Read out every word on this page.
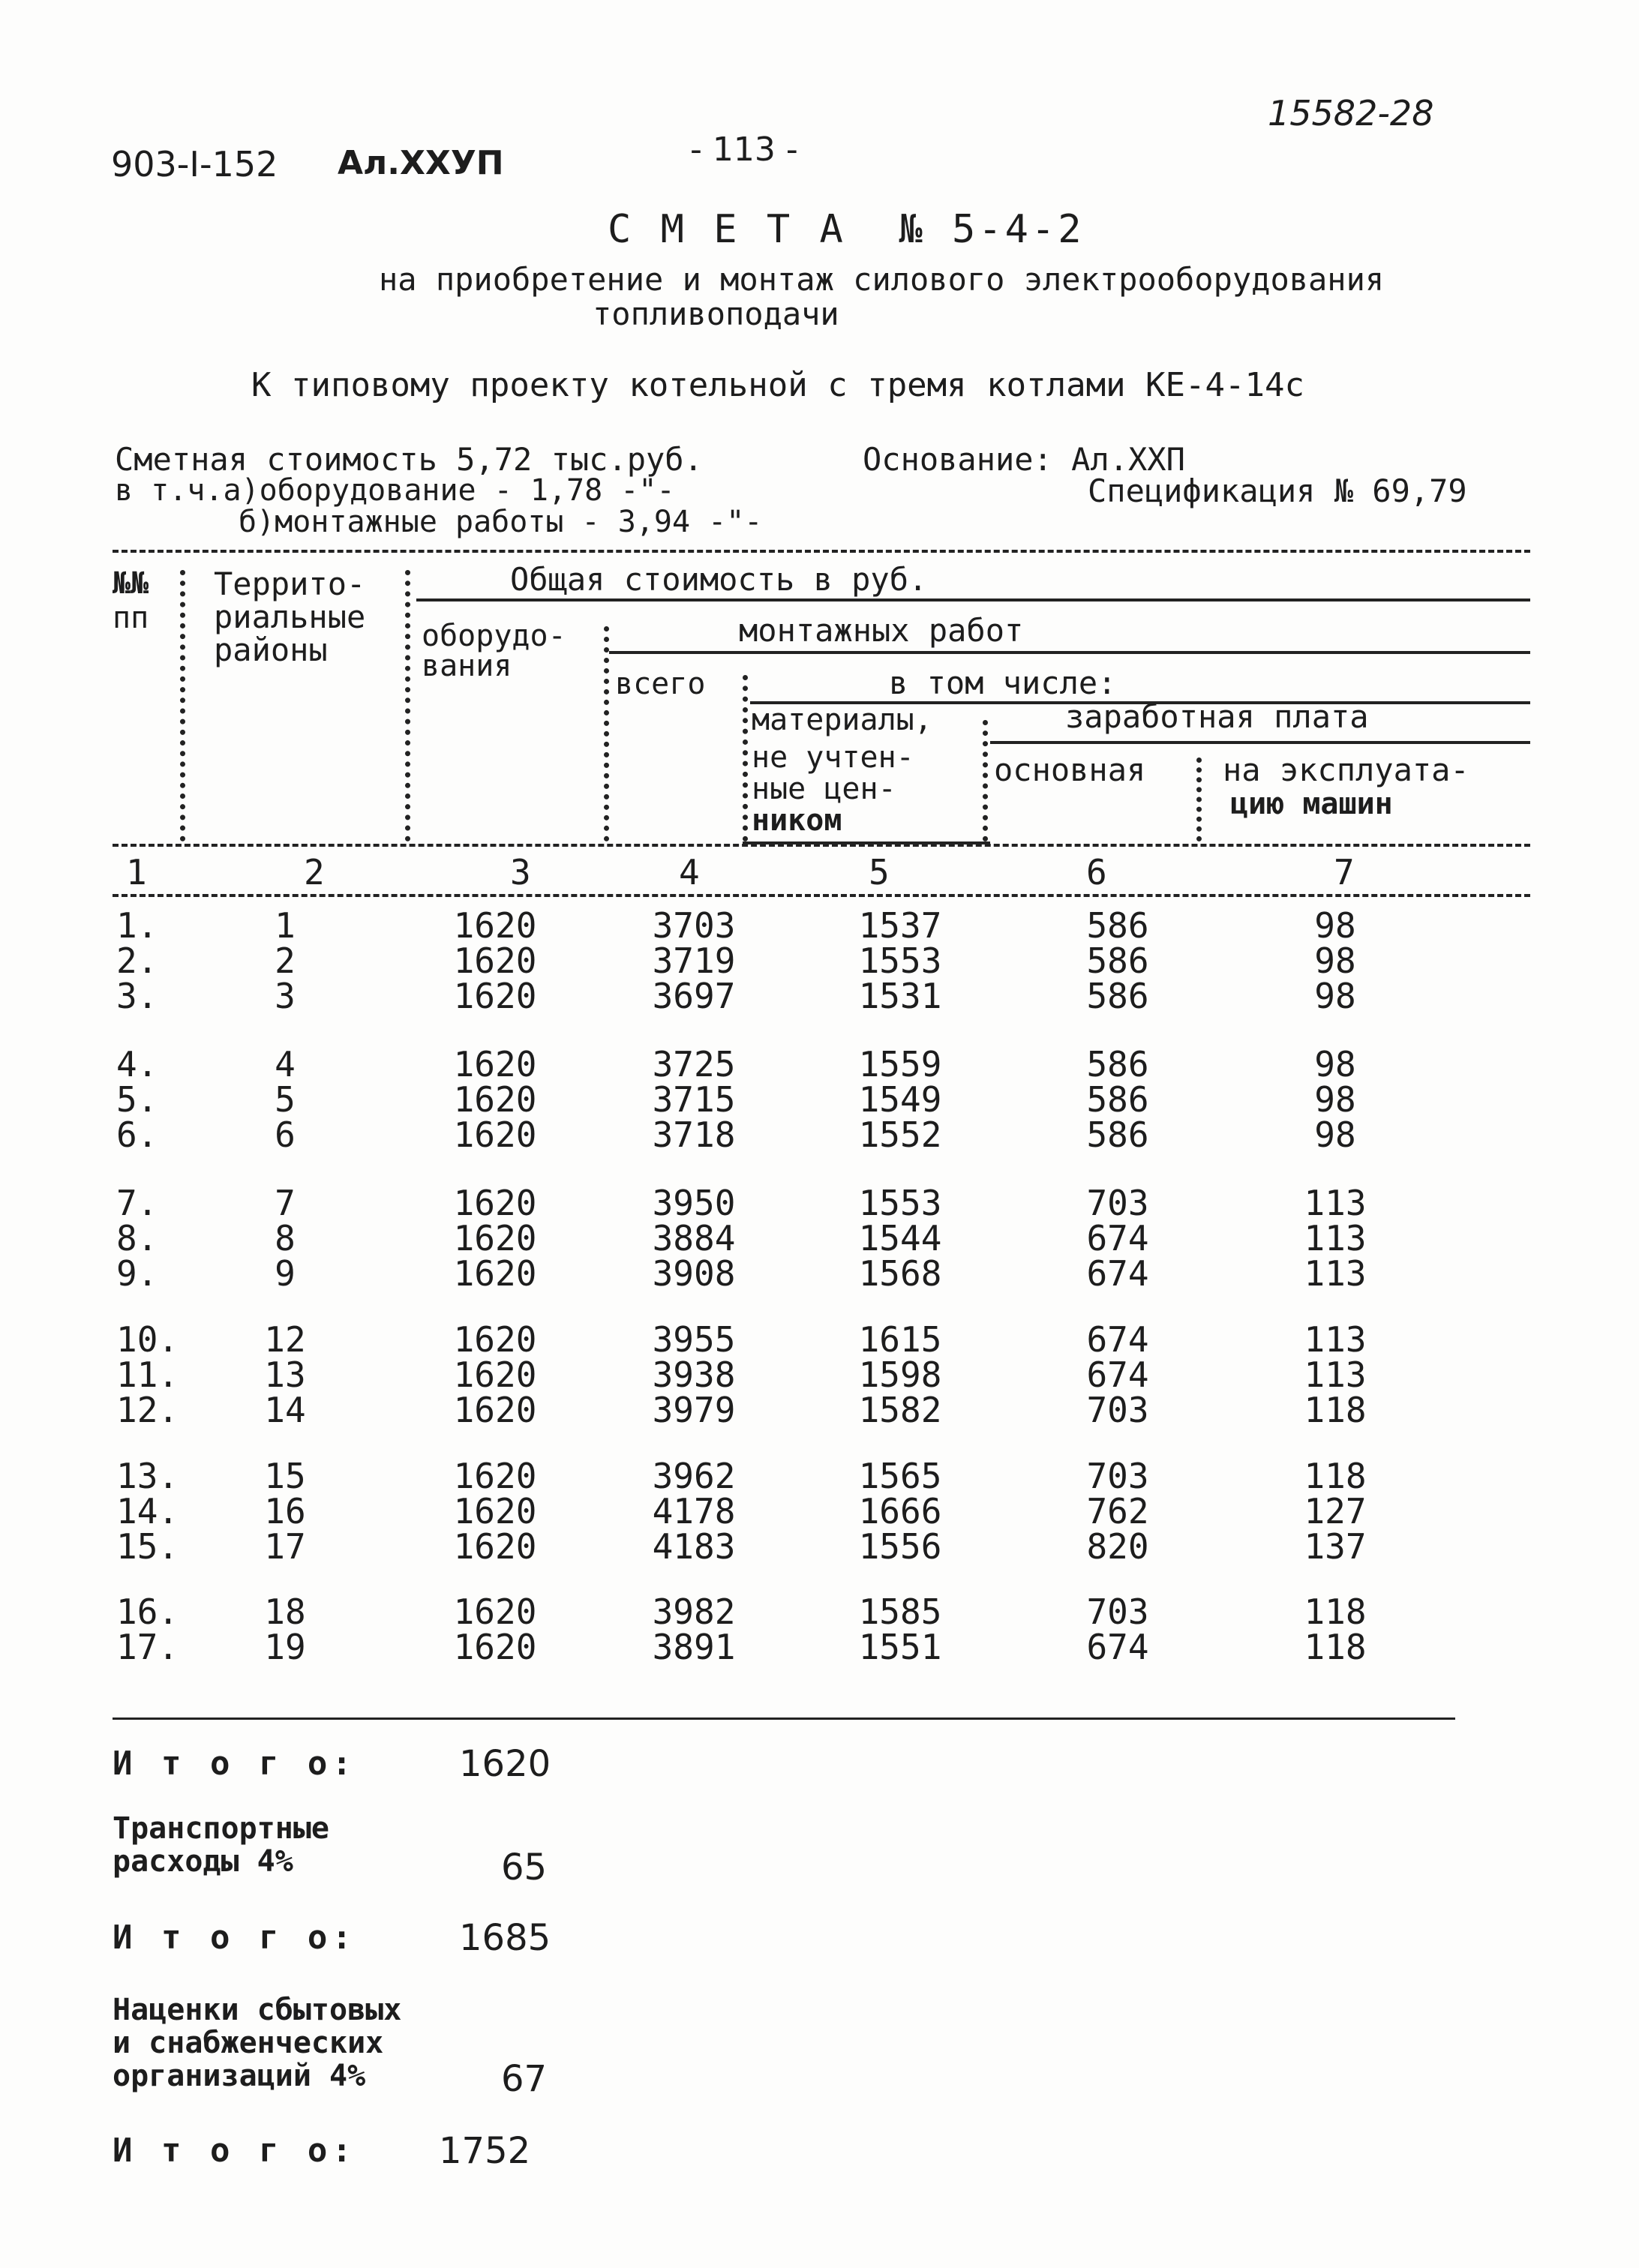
903-I-152 Ал.XXУП	- 113 -
15582-28
С М Е Т А  № 5-4-2
на приобретение и монтаж силового электрооборудования
топливоподачи
К типовому проекту котельной с тремя котлами КЕ-4-14с
Сметная стоимость 5,72 тыс.руб.
в т.ч.а)оборудование - 1,78 -"-
б)монтажные работы - 3,94 -"-
Основание: Ал.XXП
Спецификация № 69,79
№№
пп
Террито-
риальные
районы
Общая стоимость в руб.
оборудо-
вания
монтажных работ
всего	в том числе:
материалы,
не учтен-
ные цен-
ником
заработная плата
основная на эксплуата-
цию машин
1	2	3	4	5	6	7
1.	1	1620	3703	1537	586	98
2.	2	1620	3719	1553	586	98
3.	3	1620	3697	1531	586	98
4.	4	1620	3725	1559	586	98
5.	5	1620	3715	1549	586	98
6.	6	1620	3718	1552	586	98
7.	7	1620	3950	1553	703	113
8.	8	1620	3884	1544	674	113
9.	9	1620	3908	1568	674	113
10.	12	1620	3955	1615	674	113
11.	13	1620	3938	1598	674	113
12.	14	1620	3979	1582	703	118
13.	15	1620	3962	1565	703	118
14.	16	1620	4178	1666	762	127
15.	17	1620	4183	1556	820	137
16.	18	1620	3982	1585	703	118
17.	19	1620	3891	1551	674	118
И т о г о:	1620
Транспортные
расходы 4%	65
И т о г о:	1685
Наценки сбытовых
и снабженческих
организаций 4%	67
И т о г о: 1752
